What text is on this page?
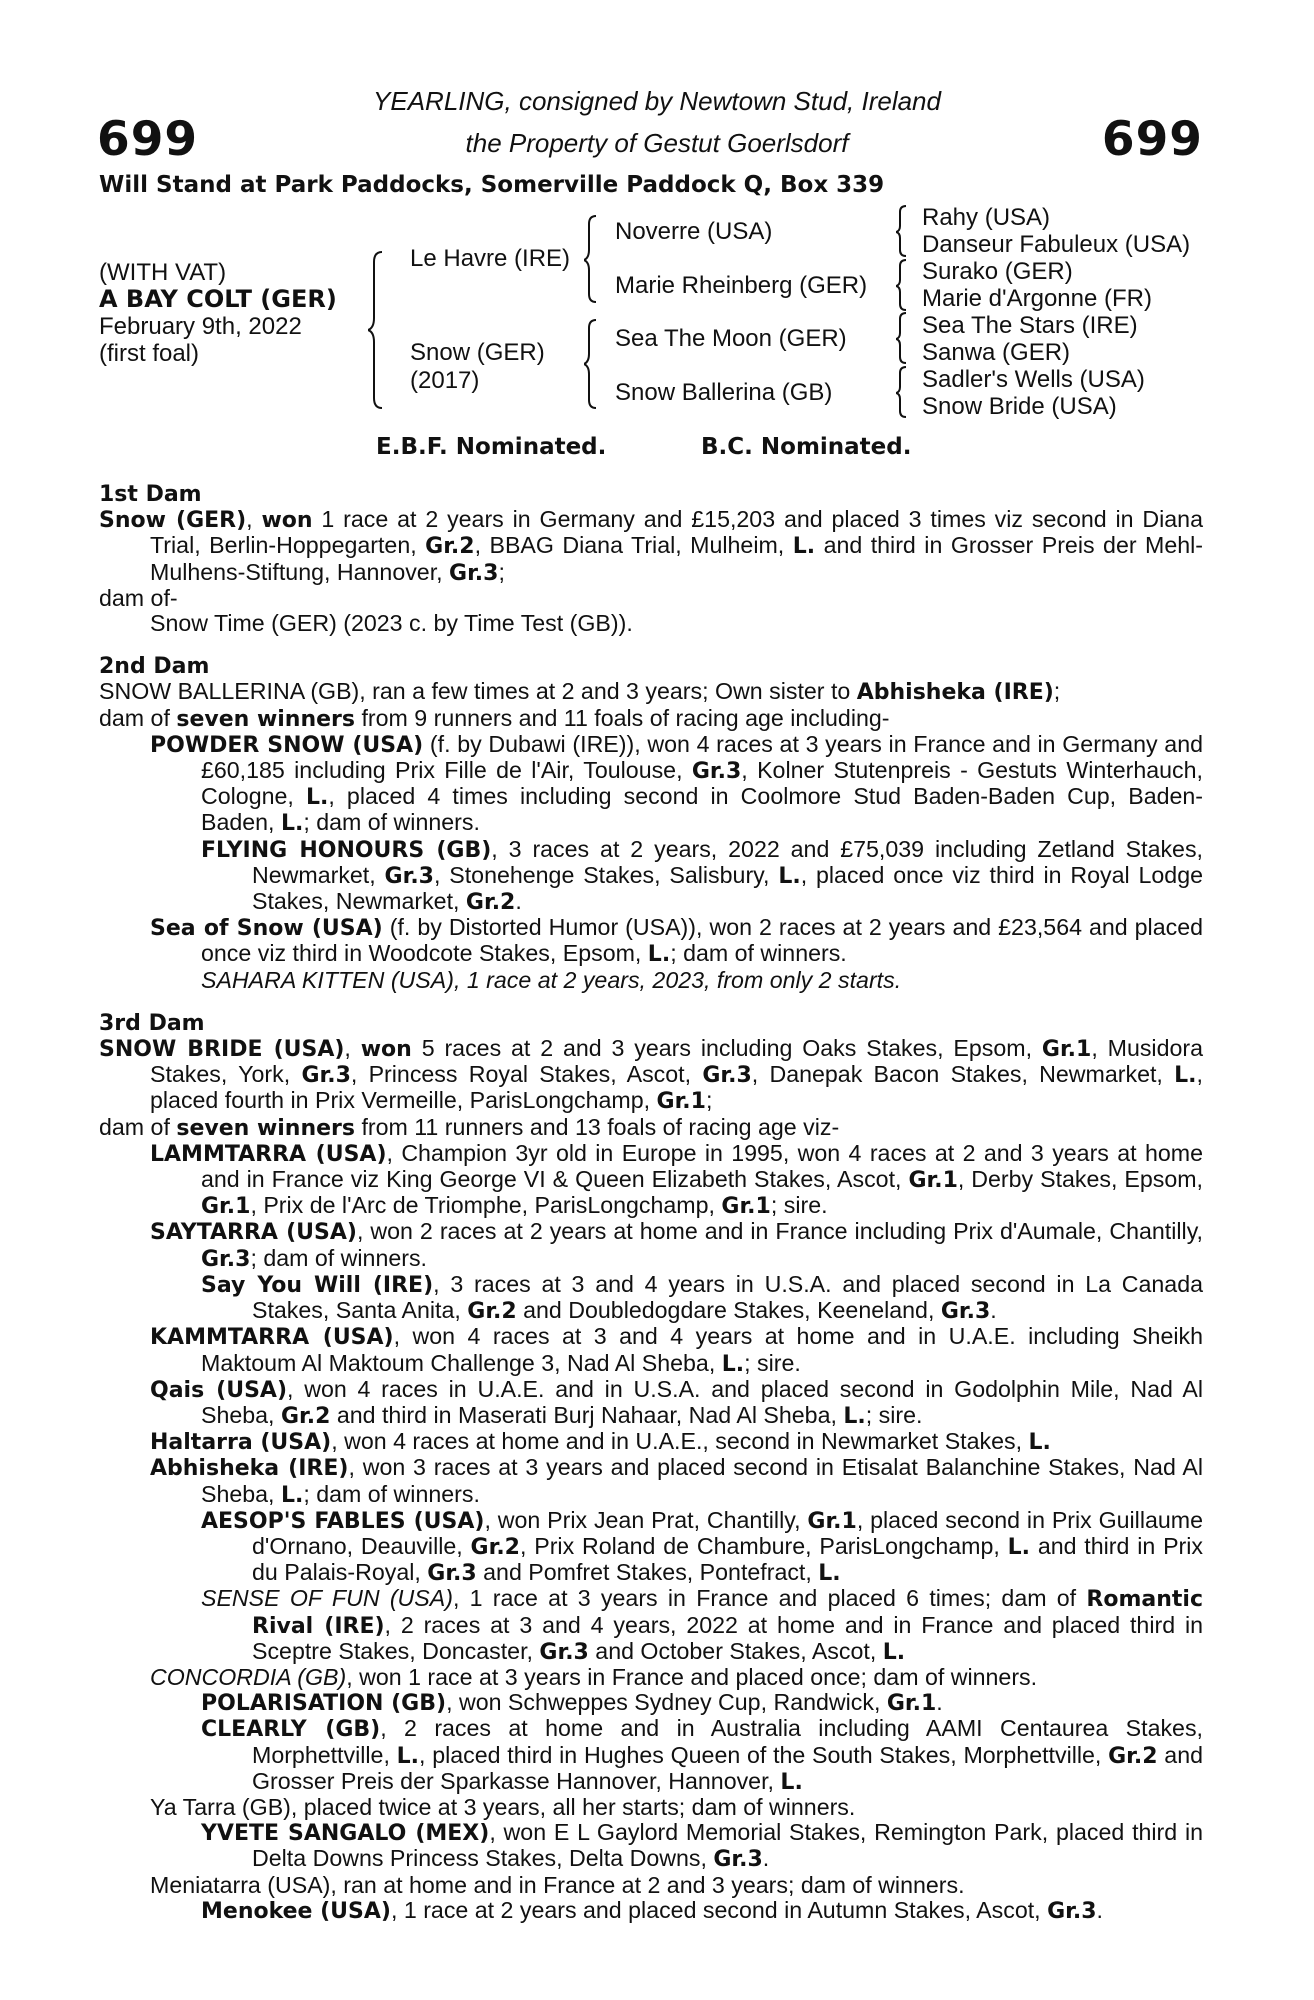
699	699
YEARLING, consigned by Newtown Stud, Ireland
the Property of Gestut Goerlsdorf
Will Stand at Park Paddocks, Somerville Paddock Q, Box 339
(WITH VAT)
A BAY COLT (GER)
February 9th, 2022
(first foal)
Le Havre (IRE)
Snow (GER)
(2017)
Noverre (USA)
Marie Rheinberg (GER)
Sea The Moon (GER)
Snow Ballerina (GB)
Rahy (USA)
Danseur Fabuleux (USA)
Surako (GER)
Marie d'Argonne (FR)
Sea The Stars (IRE)
Sanwa (GER)
Sadler's Wells (USA)
Snow Bride (USA)
E.B.F. Nominated.	B.C. Nominated.

1st Dam

Snow (GER), won 1 race at 2 years in Germany and £15,203 and placed 3 times viz second in Diana Trial, Berlin-Hoppegarten, Gr.2, BBAG Diana Trial, Mulheim, L. and third in Grosser Preis der Mehl-Mulhens-Stiftung, Hannover, Gr.3;

dam of-

Snow Time (GER) (2023 c. by Time Test (GB)).

2nd Dam

SNOW BALLERINA (GB), ran a few times at 2 and 3 years; Own sister to Abhisheka (IRE);

dam of seven winners from 9 runners and 11 foals of racing age including-

POWDER SNOW (USA) (f. by Dubawi (IRE)), won 4 races at 3 years in France and in Germany and £60,185 including Prix Fille de l'Air, Toulouse, Gr.3, Kolner Stutenpreis - Gestuts Winterhauch, Cologne, L., placed 4 times including second in Coolmore Stud Baden-Baden Cup, Baden-Baden, L.; dam of winners.

FLYING HONOURS (GB), 3 races at 2 years, 2022 and £75,039 including Zetland Stakes, Newmarket, Gr.3, Stonehenge Stakes, Salisbury, L., placed once viz third in Royal Lodge Stakes, Newmarket, Gr.2.

Sea of Snow (USA) (f. by Distorted Humor (USA)), won 2 races at 2 years and £23,564 and placed once viz third in Woodcote Stakes, Epsom, L.; dam of winners.

SAHARA KITTEN (USA), 1 race at 2 years, 2023, from only 2 starts.

3rd Dam

SNOW BRIDE (USA), won 5 races at 2 and 3 years including Oaks Stakes, Epsom, Gr.1, Musidora Stakes, York, Gr.3, Princess Royal Stakes, Ascot, Gr.3, Danepak Bacon Stakes, Newmarket, L., placed fourth in Prix Vermeille, ParisLongchamp, Gr.1;

dam of seven winners from 11 runners and 13 foals of racing age viz-

LAMMTARRA (USA), Champion 3yr old in Europe in 1995, won 4 races at 2 and 3 years at home and in France viz King George VI & Queen Elizabeth Stakes, Ascot, Gr.1, Derby Stakes, Epsom, Gr.1, Prix de l'Arc de Triomphe, ParisLongchamp, Gr.1; sire.

SAYTARRA (USA), won 2 races at 2 years at home and in France including Prix d'Aumale, Chantilly, Gr.3; dam of winners.

Say You Will (IRE), 3 races at 3 and 4 years in U.S.A. and placed second in La Canada Stakes, Santa Anita, Gr.2 and Doubledogdare Stakes, Keeneland, Gr.3.

KAMMTARRA (USA), won 4 races at 3 and 4 years at home and in U.A.E. including Sheikh Maktoum Al Maktoum Challenge 3, Nad Al Sheba, L.; sire.

Qais (USA), won 4 races in U.A.E. and in U.S.A. and placed second in Godolphin Mile, Nad Al Sheba, Gr.2 and third in Maserati Burj Nahaar, Nad Al Sheba, L.; sire.

Haltarra (USA), won 4 races at home and in U.A.E., second in Newmarket Stakes, L.

Abhisheka (IRE), won 3 races at 3 years and placed second in Etisalat Balanchine Stakes, Nad Al Sheba, L.; dam of winners.

AESOP'S FABLES (USA), won Prix Jean Prat, Chantilly, Gr.1, placed second in Prix Guillaume d'Ornano, Deauville, Gr.2, Prix Roland de Chambure, ParisLongchamp, L. and third in Prix du Palais-Royal, Gr.3 and Pomfret Stakes, Pontefract, L.

SENSE OF FUN (USA), 1 race at 3 years in France and placed 6 times; dam of Romantic Rival (IRE), 2 races at 3 and 4 years, 2022 at home and in France and placed third in Sceptre Stakes, Doncaster, Gr.3 and October Stakes, Ascot, L.

CONCORDIA (GB), won 1 race at 3 years in France and placed once; dam of winners.

POLARISATION (GB), won Schweppes Sydney Cup, Randwick, Gr.1.

CLEARLY (GB), 2 races at home and in Australia including AAMI Centaurea Stakes, Morphettville, L., placed third in Hughes Queen of the South Stakes, Morphettville, Gr.2 and Grosser Preis der Sparkasse Hannover, Hannover, L.

Ya Tarra (GB), placed twice at 3 years, all her starts; dam of winners.

YVETE SANGALO (MEX), won E L Gaylord Memorial Stakes, Remington Park, placed third in Delta Downs Princess Stakes, Delta Downs, Gr.3.

Meniatarra (USA), ran at home and in France at 2 and 3 years; dam of winners.

Menokee (USA), 1 race at 2 years and placed second in Autumn Stakes, Ascot, Gr.3.
